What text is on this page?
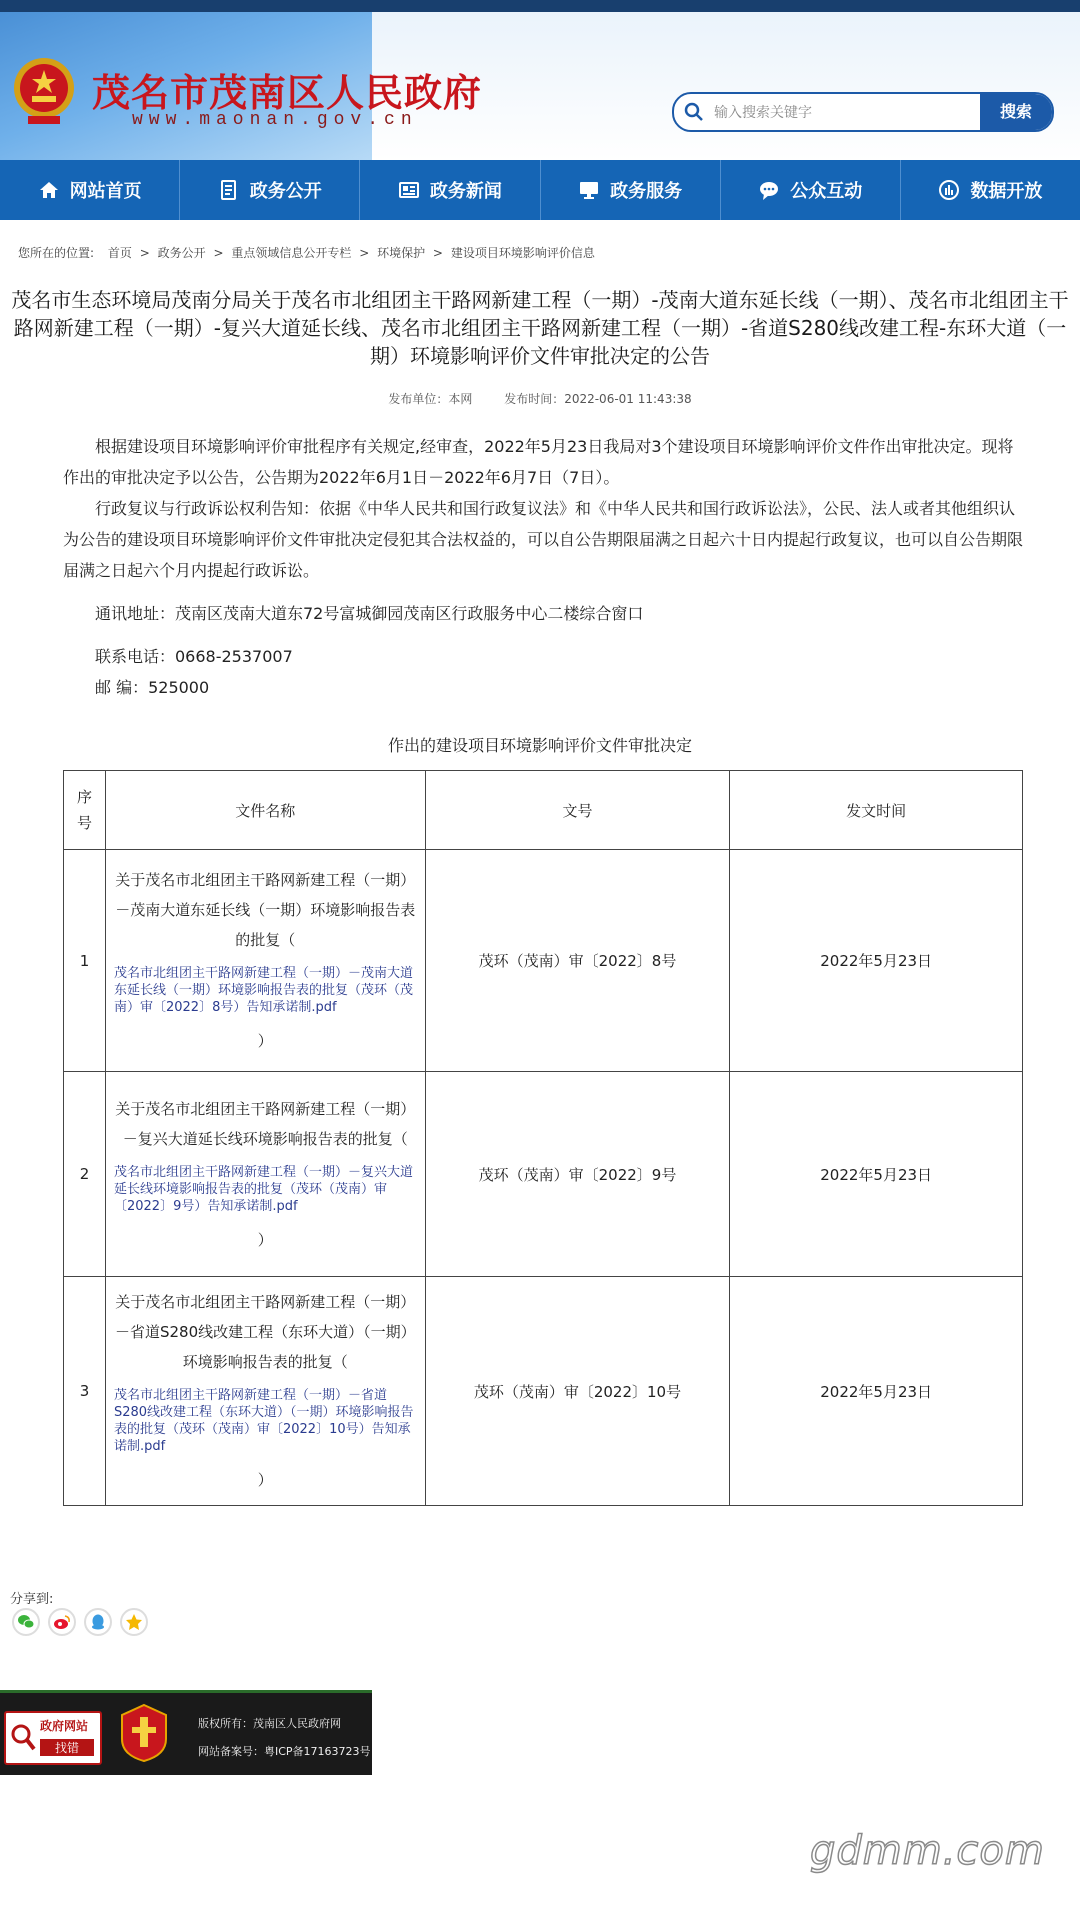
茂名市茂南区人民政府
www.maonan.gov.cn
输入搜索关键字	搜索
网站首页	政务公开	政务新闻	政务服务	公众互动	数据开放
您所在的位置: 首页 > 政务公开 > 重点领域信息公开专栏 > 环境保护 > 建设项目环境影响评价信息
茂名市生态环境局茂南分局关于茂名市北组团主干路网新建工程（一期）-茂南大道东延长线（一期）、茂名市北组团主干路网新建工程（一期）-复兴大道延长线、茂名市北组团主干路网新建工程（一期）-省道S280线改建工程-东环大道（一期）环境影响评价文件审批决定的公告
发布单位：本网	发布时间：2022-06-01 11:43:38

根据建设项目环境影响评价审批程序有关规定,经审查，2022年5月23日我局对3个建设项目环境影响评价文件作出审批决定。现将作出的审批决定予以公告，公告期为2022年6月1日－2022年6月7日（7日）。

行政复议与行政诉讼权利告知：依据《中华人民共和国行政复议法》和《中华人民共和国行政诉讼法》，公民、法人或者其他组织认为公告的建设项目环境影响评价文件审批决定侵犯其合法权益的，可以自公告期限届满之日起六十日内提起行政复议，也可以自公告期限届满之日起六个月内提起行政诉讼。

通讯地址：茂南区茂南大道东72号富城御园茂南区行政服务中心二楼综合窗口

联系电话：0668-2537007

邮 编：525000

作出的建设项目环境影响评价文件审批决定
序号	文件名称	文号	发文时间
1	关于茂名市北组团主干路网新建工程（一期）－茂南大道东延长线（一期）环境影响报告表的批复（
茂名市北组团主干路网新建工程（一期）－茂南大道东延长线（一期）环境影响报告表的批复（茂环（茂南）审〔2022〕8号）告知承诺制.pdf
）	茂环（茂南）审〔2022〕8号	2022年5月23日
2	关于茂名市北组团主干路网新建工程（一期）－复兴大道延长线环境影响报告表的批复（
茂名市北组团主干路网新建工程（一期）－复兴大道延长线环境影响报告表的批复（茂环（茂南）审〔2022〕9号）告知承诺制.pdf
）	茂环（茂南）审〔2022〕9号	2022年5月23日
3	关于茂名市北组团主干路网新建工程（一期）－省道S280线改建工程（东环大道）（一期）环境影响报告表的批复（
茂名市北组团主干路网新建工程（一期）－省道S280线改建工程（东环大道）（一期）环境影响报告表的批复（茂环（茂南）审〔2022〕10号）告知承诺制.pdf
）	茂环（茂南）审〔2022〕10号	2022年5月23日
分享到:
政府网站
找错
版权所有：茂南区人民政府网
网站备案号：粤ICP备17163723号
gdmm.com
